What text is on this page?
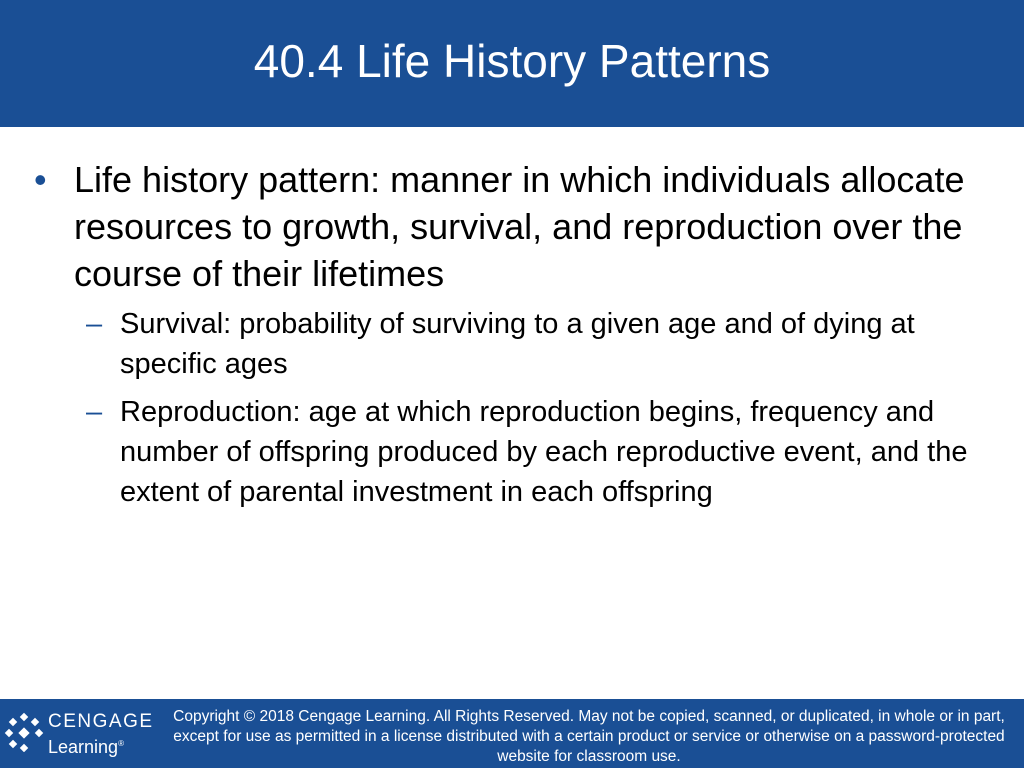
40.4 Life History Patterns
• Life history pattern: manner in which individuals allocate resources to growth, survival, and reproduction over the course of their lifetimes
– Survival: probability of surviving to a given age and of dying at specific ages
– Reproduction: age at which reproduction begins, frequency and number of offspring produced by each reproductive event, and the extent of parental investment in each offspring
CENGAGE
Learning®
Copyright © 2018 Cengage Learning. All Rights Reserved. May not be copied, scanned, or duplicated, in whole or in part, except for use as permitted in a license distributed with a certain product or service or otherwise on a password-protected website for classroom use.
